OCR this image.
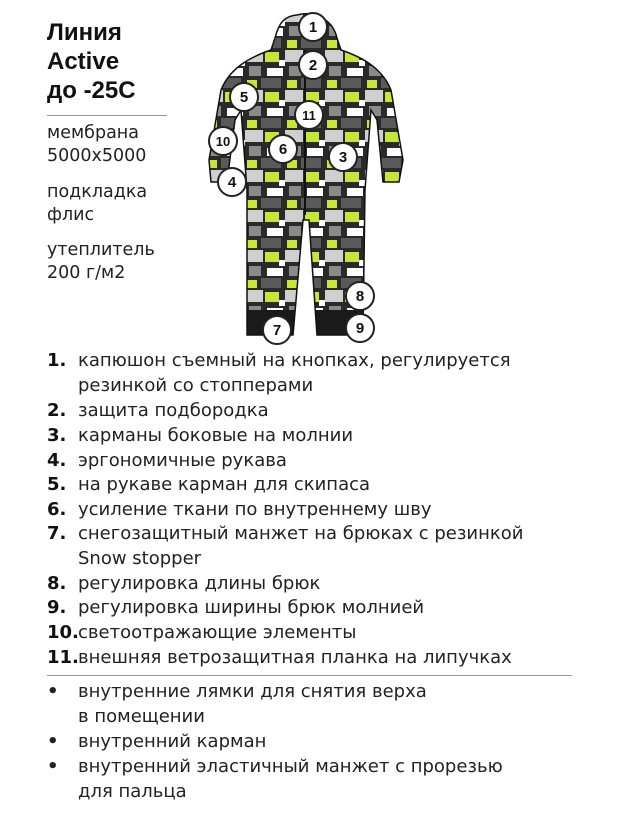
Линия
Active
до -25С
мембрана
5000х5000
подкладка
флис
утеплитель
200 г/м2
1
2
3
4
5
6
7
8
9
10
11
1. капюшон съемный на кнопках, регулируется
резинкой со стопперами
2. защита подбородка
3. карманы боковые на молнии
4. эргономичные рукава
5. на рукаве карман для скипаса
6. усиление ткани по внутреннему шву
7. снегозащитный манжет на брюках с резинкой
Snow stopper
8. регулировка длины брюк
9. регулировка ширины брюк молнией
10. светоотражающие элементы
11. внешняя ветрозащитная планка на липучках
• внутренние лямки для снятия верха
в помещении
• внутренний карман
• внутренний эластичный манжет с прорезью
для пальца
